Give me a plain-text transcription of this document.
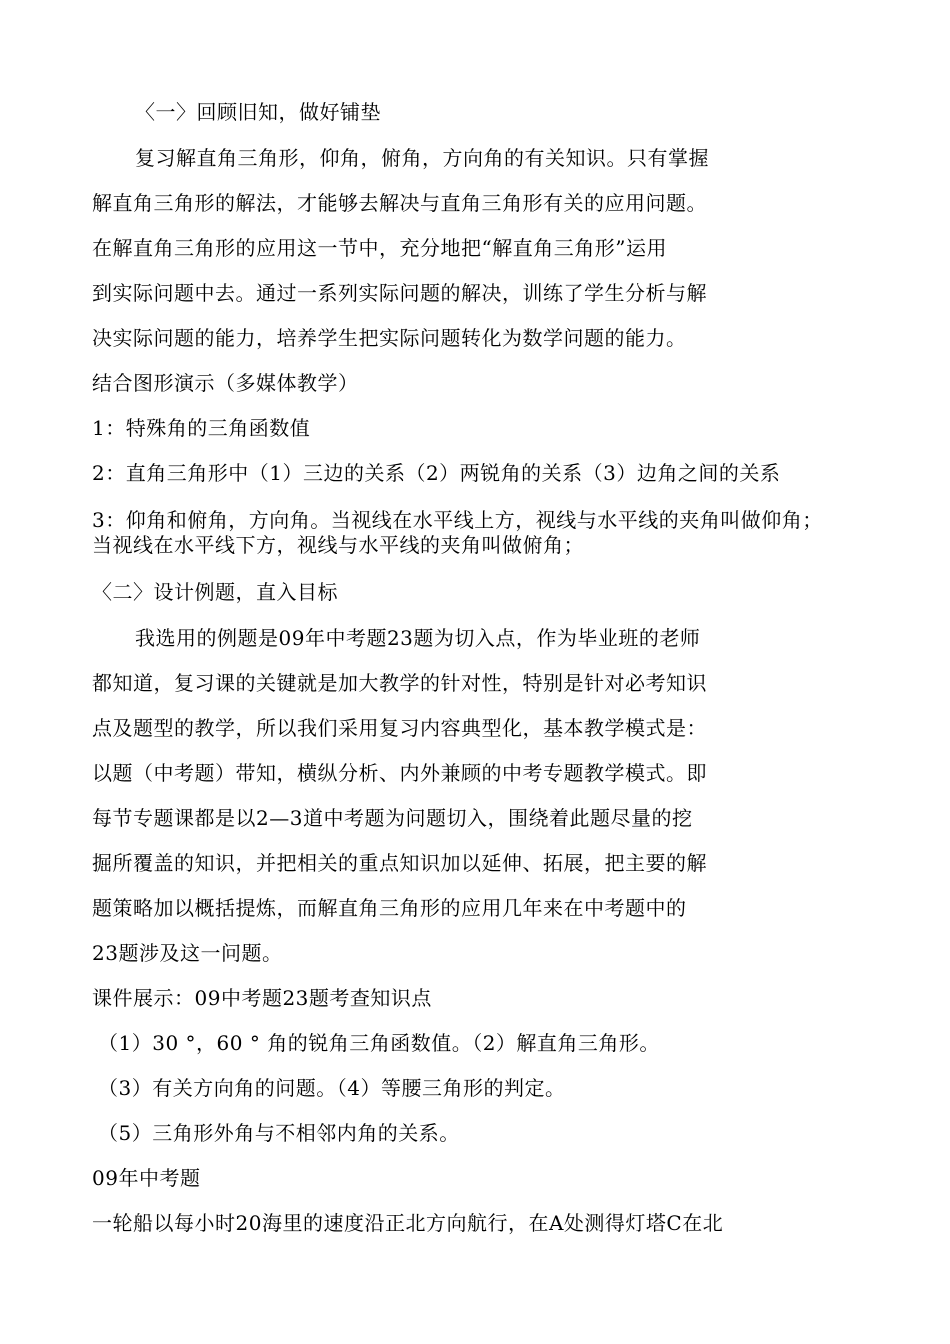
〈一〉回顾旧知，做好铺垫
复习解直角三角形，仰角，俯角，方向角的有关知识。只有掌握
解直角三角形的解法，才能够去解决与直角三角形有关的应用问题。
在解直角三角形的应用这一节中，充分地把“解直角三角形”运用
到实际问题中去。通过一系列实际问题的解决，训练了学生分析与解
决实际问题的能力，培养学生把实际问题转化为数学问题的能力。
结合图形演示（多媒体教学）
1：特殊角的三角函数值
2：直角三角形中（1）三边的关系（2）两锐角的关系（3）边角之间的关系
3：仰角和俯角，方向角。当视线在水平线上方，视线与水平线的夹角叫做仰角；
当视线在水平线下方，视线与水平线的夹角叫做俯角；
〈二〉设计例题，直入目标
我选用的例题是09年中考题23题为切入点，作为毕业班的老师
都知道，复习课的关键就是加大教学的针对性，特别是针对必考知识
点及题型的教学，所以我们采用复习内容典型化，基本教学模式是：
以题（中考题）带知，横纵分析、内外兼顾的中考专题教学模式。即
每节专题课都是以2—3道中考题为问题切入，围绕着此题尽量的挖
掘所覆盖的知识，并把相关的重点知识加以延伸、拓展，把主要的解
题策略加以概括提炼，而解直角三角形的应用几年来在中考题中的
23题涉及这一问题。
课件展示：09中考题23题考查知识点
（1）30 °，60 ° 角的锐角三角函数值。（2）解直角三角形。
（3）有关方向角的问题。（4）等腰三角形的判定。
（5）三角形外角与不相邻内角的关系。
09年中考题
一轮船以每小时20海里的速度沿正北方向航行，在A处测得灯塔C在北
